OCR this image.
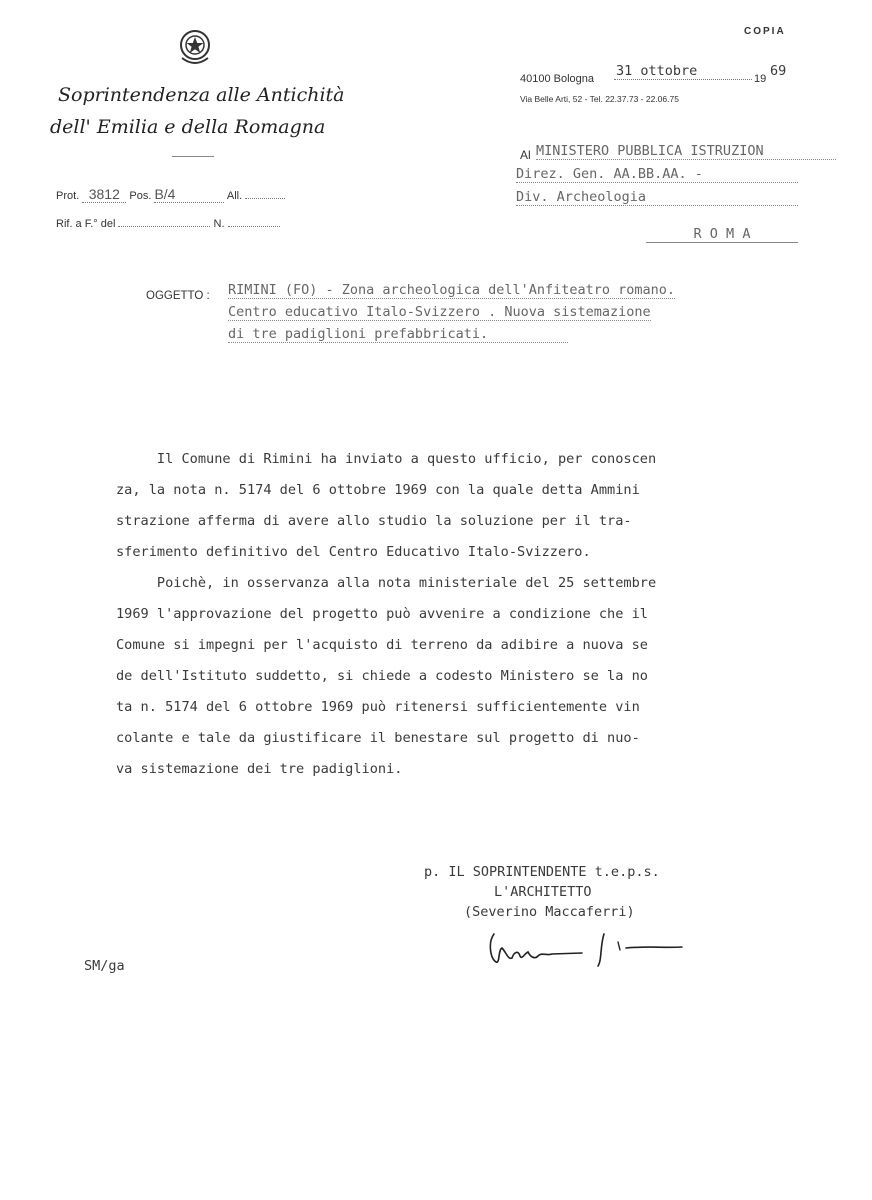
COPIA
Soprintendenza alle Antichità
dell' Emilia e della Romagna
40100 Bologna 31 ottobre	19 69
Via Belle Arti, 52 - Tel. 22.37.73 - 22.06.75
Al MINISTERO PUBBLICA ISTRUZION
Direz. Gen. AA.BB.AA. -
Div. Archeologia
R O M A
Prot. 3812 Pos. B/4	All.
Rif. a F.° del	N.
OGGETTO : RIMINI (FO) - Zona archeologica dell'Anfiteatro romano.
Centro educativo Italo-Svizzero . Nuova sistemazione
di tre padiglioni prefabbricati.
Il Comune di Rimini ha inviato a questo ufficio, per conoscen
za, la nota n. 5174 del 6 ottobre 1969 con la quale detta Ammini
strazione afferma di avere allo studio la soluzione per il tra-
sferimento definitivo del Centro Educativo Italo-Svizzero.
Poichè, in osservanza alla nota ministeriale del 25 settembre
1969 l'approvazione del progetto può avvenire a condizione che il
Comune si impegni per l'acquisto di terreno da adibire a nuova se
de dell'Istituto suddetto, si chiede a codesto Ministero se la no
ta n. 5174 del 6 ottobre 1969 può ritenersi sufficientemente vin
colante e tale da giustificare il benestare sul progetto di nuo-
va sistemazione dei tre padiglioni.
p. IL SOPRINTENDENTE t.e.p.s.
L'ARCHITETTO
(Severino Maccaferri)
SM/ga
